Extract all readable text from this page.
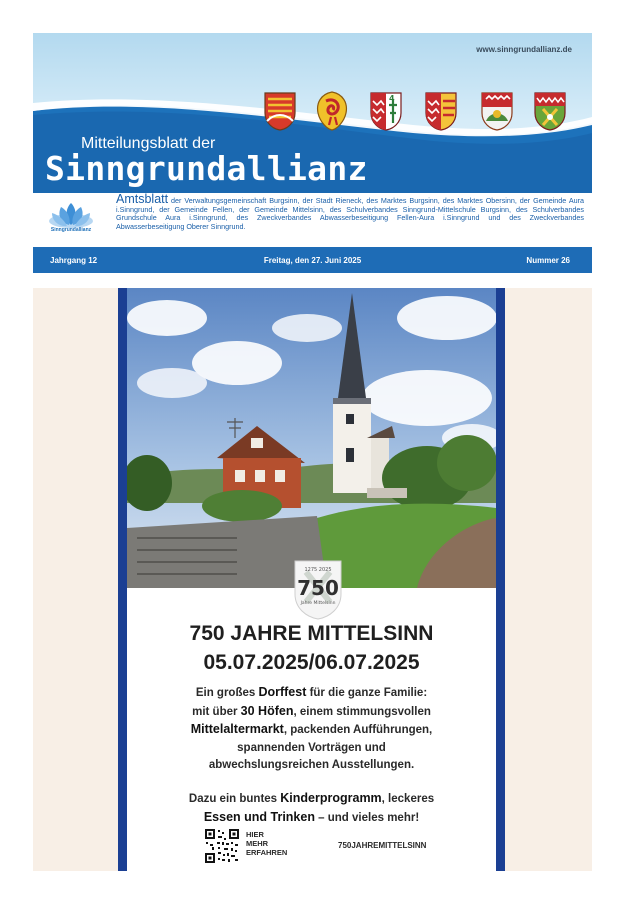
www.sinngrundallianz.de
Mitteilungsblatt der
Sinngrundallianz
4
Sinngrundallianz
Amtsblatt der Verwaltungsgemeinschaft Burgsinn, der Stadt Rieneck, des Marktes Burgsinn, des Marktes Obersinn, der Gemeinde Aura i.Sinngrund, der Gemeinde Fellen, der Gemeinde Mittelsinn, des Schulverbandes Sinngrund-Mittelschule Burgsinn, des Schulverbandes Grundschule Aura i.Sinngrund, des Zweckverbandes Abwasserbeseitigung Fellen-Aura i.Sinngrund und des Zweckverbandes Abwasserbeseitigung Oberer Sinngrund.
Jahrgang 12	Freitag, den 27. Juni 2025	Nummer 26
1275 2025
750
Jahre Mittelsinn
750 JAHRE MITTELSINN
05.07.2025/06.07.2025
Ein großes Dorffest für die ganze Familie:
mit über 30 Höfen, einem stimmungsvollen
Mittelaltermarkt, packenden Aufführungen,
spannenden Vorträgen und
abwechslungsreichen Ausstellungen.
Dazu ein buntes Kinderprogramm, leckeres
Essen und Trinken – und vieles mehr!
HIER
MEHR
ERFAHREN
750JAHREMITTELSINN
